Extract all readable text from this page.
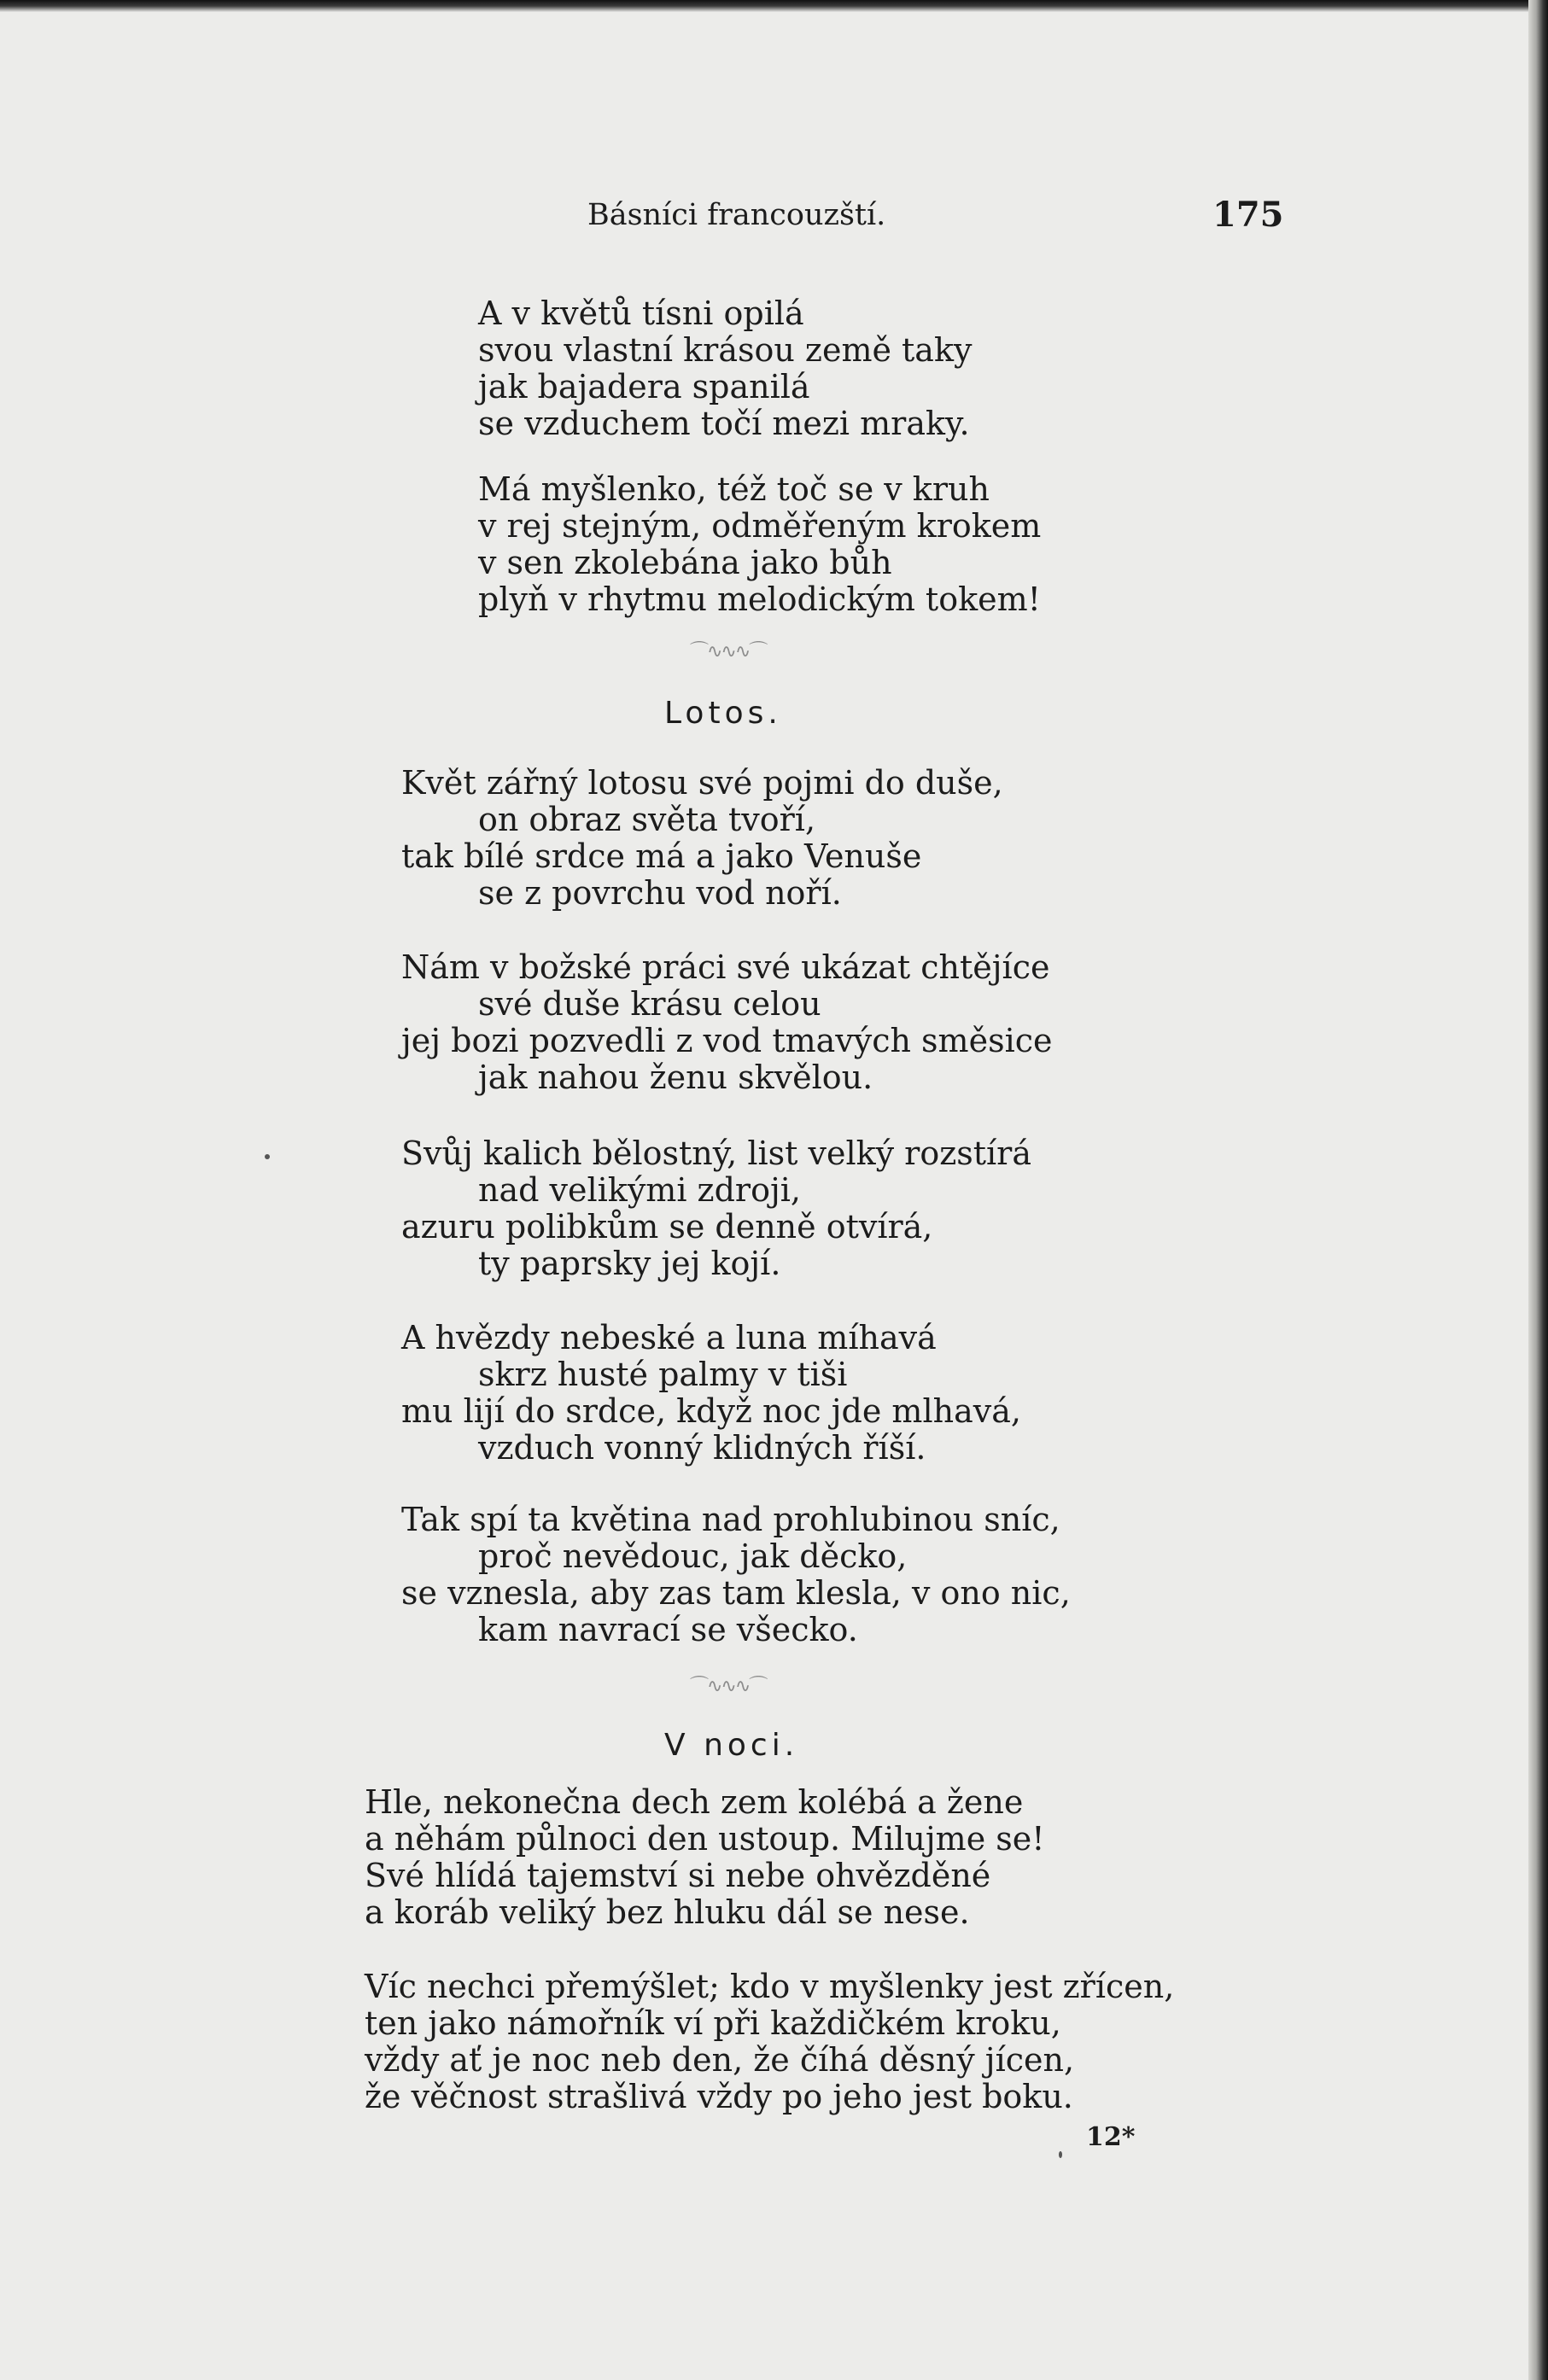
Básníci francouzští.	175
A v květů tísni opilá
svou vlastní krásou země taky
jak bajadera spanilá
se vzduchem točí mezi mraky.
Má myšlenko, též toč se v kruh
v rej stejným, odměřeným krokem
v sen zkolebána jako bůh
plyň v rhytmu melodickým tokem!
⌒∿∿∿⌒
Lotos.
Květ zářný lotosu své pojmi do duše,
on obraz světa tvoří,
tak bílé srdce má a jako Venuše
se z povrchu vod noří.
Nám v božské práci své ukázat chtějíce
své duše krásu celou
jej bozi pozvedli z vod tmavých směsice
jak nahou ženu skvělou.
Svůj kalich bělostný, list velký rozstírá
nad velikými zdroji,
azuru polibkům se denně otvírá,
ty paprsky jej kojí.
A hvězdy nebeské a luna míhavá
skrz husté palmy v tiši
mu lijí do srdce, když noc jde mlhavá,
vzduch vonný klidných říší.
Tak spí ta květina nad prohlubinou sníc,
proč nevědouc, jak děcko,
se vznesla, aby zas tam klesla, v ono nic,
kam navrací se všecko.
⌒∿∿∿⌒
V noci.
Hle, nekonečna dech zem kolébá a žene
a něhám půlnoci den ustoup. Milujme se!
Své hlídá tajemství si nebe ohvězděné
a koráb veliký bez hluku dál se nese.
Víc nechci přemýšlet; kdo v myšlenky jest zřícen,
ten jako námořník ví při každičkém kroku,
vždy ať je noc neb den, že číhá děsný jícen,
že věčnost strašlivá vždy po jeho jest boku.
12*
